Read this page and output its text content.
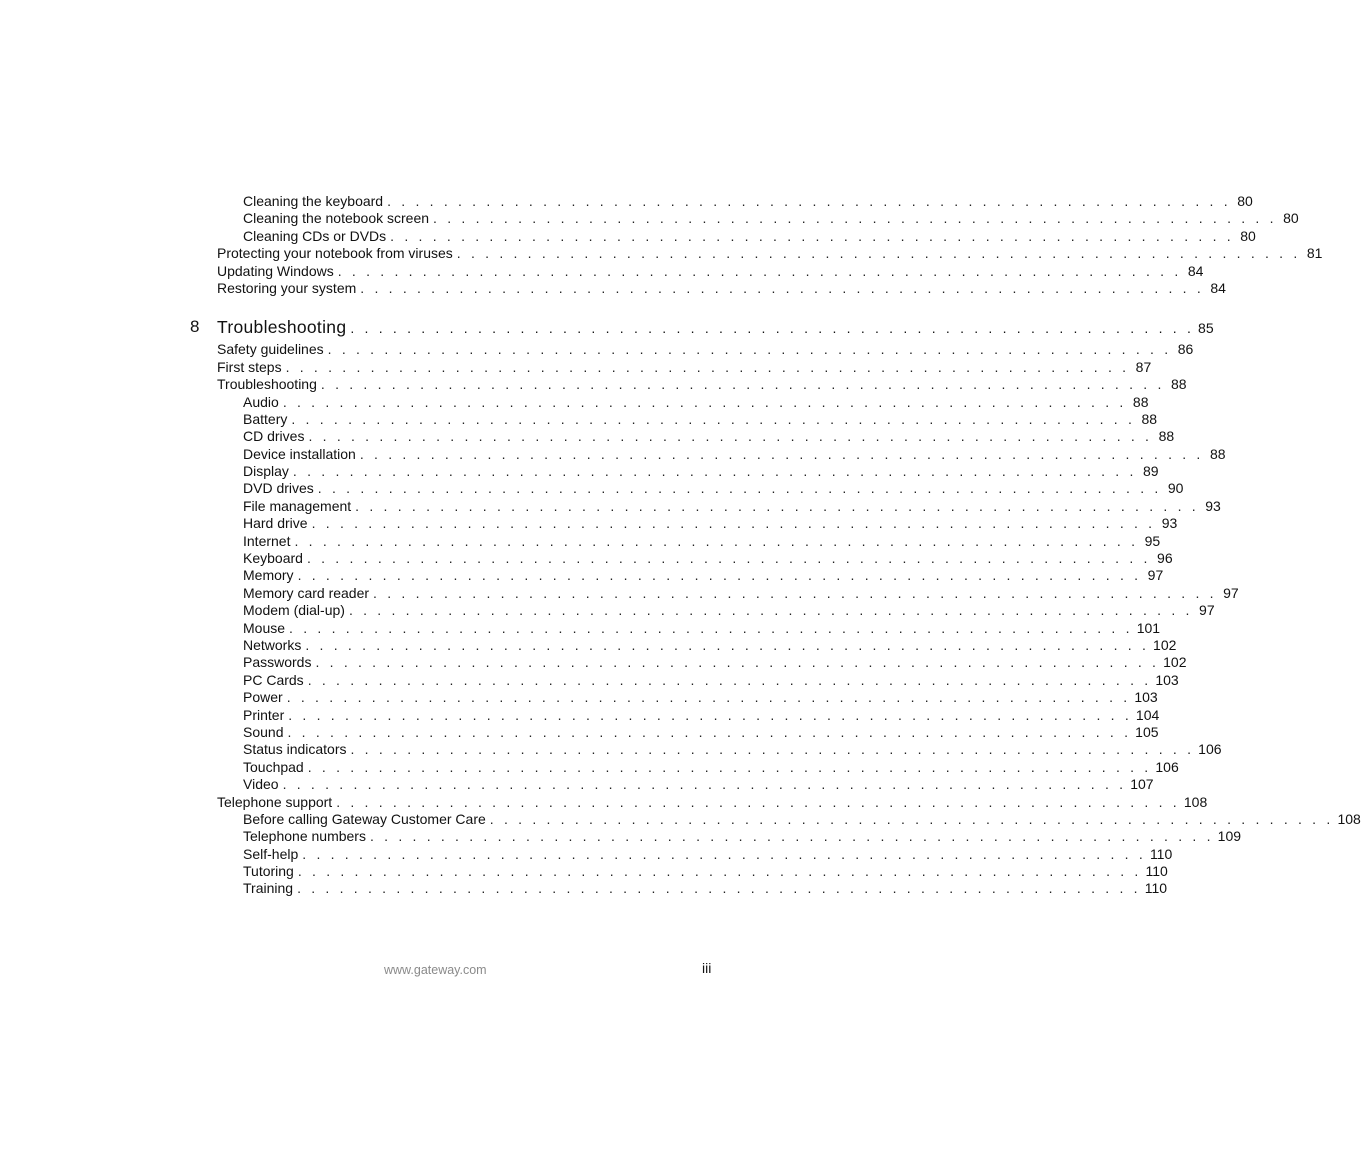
Cleaning the keyboard . . . . . . . . . . . . . . . . . . . . . . . . . . . . . . . . . . . . . . . . . . . . . . . . . . . . . . . . . . . . 80
Cleaning the notebook screen . . . . . . . . . . . . . . . . . . . . . . . . . . . . . . . . . . . . . . . . . . . . . . . . . . . . . . . . . . . . 80
Cleaning CDs or DVDs . . . . . . . . . . . . . . . . . . . . . . . . . . . . . . . . . . . . . . . . . . . . . . . . . . . . . . . . . . . . 80
Protecting your notebook from viruses . . . . . . . . . . . . . . . . . . . . . . . . . . . . . . . . . . . . . . . . . . . . . . . . . . . . . . . . . . . . 81
Updating Windows . . . . . . . . . . . . . . . . . . . . . . . . . . . . . . . . . . . . . . . . . . . . . . . . . . . . . . . . . . . . 84
Restoring your system . . . . . . . . . . . . . . . . . . . . . . . . . . . . . . . . . . . . . . . . . . . . . . . . . . . . . . . . . . . . 84
8 Troubleshooting . . . . . . . . . . . . . . . . . . . . . . . . . . . . . . . . . . . . . . . . . . . . . . . . . . . . . . . . . . . . 85
Safety guidelines . . . . . . . . . . . . . . . . . . . . . . . . . . . . . . . . . . . . . . . . . . . . . . . . . . . . . . . . . . . . 86
First steps . . . . . . . . . . . . . . . . . . . . . . . . . . . . . . . . . . . . . . . . . . . . . . . . . . . . . . . . . . . . 87
Troubleshooting . . . . . . . . . . . . . . . . . . . . . . . . . . . . . . . . . . . . . . . . . . . . . . . . . . . . . . . . . . . . 88
Audio . . . . . . . . . . . . . . . . . . . . . . . . . . . . . . . . . . . . . . . . . . . . . . . . . . . . . . . . . . . . 88
Battery . . . . . . . . . . . . . . . . . . . . . . . . . . . . . . . . . . . . . . . . . . . . . . . . . . . . . . . . . . . . 88
CD drives . . . . . . . . . . . . . . . . . . . . . . . . . . . . . . . . . . . . . . . . . . . . . . . . . . . . . . . . . . . . 88
Device installation . . . . . . . . . . . . . . . . . . . . . . . . . . . . . . . . . . . . . . . . . . . . . . . . . . . . . . . . . . . . 88
Display . . . . . . . . . . . . . . . . . . . . . . . . . . . . . . . . . . . . . . . . . . . . . . . . . . . . . . . . . . . . 89
DVD drives . . . . . . . . . . . . . . . . . . . . . . . . . . . . . . . . . . . . . . . . . . . . . . . . . . . . . . . . . . . . 90
File management . . . . . . . . . . . . . . . . . . . . . . . . . . . . . . . . . . . . . . . . . . . . . . . . . . . . . . . . . . . . 93
Hard drive . . . . . . . . . . . . . . . . . . . . . . . . . . . . . . . . . . . . . . . . . . . . . . . . . . . . . . . . . . . . 93
Internet . . . . . . . . . . . . . . . . . . . . . . . . . . . . . . . . . . . . . . . . . . . . . . . . . . . . . . . . . . . . 95
Keyboard . . . . . . . . . . . . . . . . . . . . . . . . . . . . . . . . . . . . . . . . . . . . . . . . . . . . . . . . . . . . 96
Memory . . . . . . . . . . . . . . . . . . . . . . . . . . . . . . . . . . . . . . . . . . . . . . . . . . . . . . . . . . . . 97
Memory card reader . . . . . . . . . . . . . . . . . . . . . . . . . . . . . . . . . . . . . . . . . . . . . . . . . . . . . . . . . . . . 97
Modem (dial-up) . . . . . . . . . . . . . . . . . . . . . . . . . . . . . . . . . . . . . . . . . . . . . . . . . . . . . . . . . . . . 97
Mouse . . . . . . . . . . . . . . . . . . . . . . . . . . . . . . . . . . . . . . . . . . . . . . . . . . . . . . . . . . . . 101
Networks . . . . . . . . . . . . . . . . . . . . . . . . . . . . . . . . . . . . . . . . . . . . . . . . . . . . . . . . . . . . 102
Passwords . . . . . . . . . . . . . . . . . . . . . . . . . . . . . . . . . . . . . . . . . . . . . . . . . . . . . . . . . . . . 102
PC Cards . . . . . . . . . . . . . . . . . . . . . . . . . . . . . . . . . . . . . . . . . . . . . . . . . . . . . . . . . . . . 103
Power . . . . . . . . . . . . . . . . . . . . . . . . . . . . . . . . . . . . . . . . . . . . . . . . . . . . . . . . . . . . 103
Printer . . . . . . . . . . . . . . . . . . . . . . . . . . . . . . . . . . . . . . . . . . . . . . . . . . . . . . . . . . . . 104
Sound . . . . . . . . . . . . . . . . . . . . . . . . . . . . . . . . . . . . . . . . . . . . . . . . . . . . . . . . . . . . 105
Status indicators . . . . . . . . . . . . . . . . . . . . . . . . . . . . . . . . . . . . . . . . . . . . . . . . . . . . . . . . . . . . 106
Touchpad . . . . . . . . . . . . . . . . . . . . . . . . . . . . . . . . . . . . . . . . . . . . . . . . . . . . . . . . . . . . 106
Video . . . . . . . . . . . . . . . . . . . . . . . . . . . . . . . . . . . . . . . . . . . . . . . . . . . . . . . . . . . . 107
Telephone support . . . . . . . . . . . . . . . . . . . . . . . . . . . . . . . . . . . . . . . . . . . . . . . . . . . . . . . . . . . . 108
Before calling Gateway Customer Care . . . . . . . . . . . . . . . . . . . . . . . . . . . . . . . . . . . . . . . . . . . . . . . . . . . . . . . . . . . . 108
Telephone numbers . . . . . . . . . . . . . . . . . . . . . . . . . . . . . . . . . . . . . . . . . . . . . . . . . . . . . . . . . . . . 109
Self-help . . . . . . . . . . . . . . . . . . . . . . . . . . . . . . . . . . . . . . . . . . . . . . . . . . . . . . . . . . . . 110
Tutoring . . . . . . . . . . . . . . . . . . . . . . . . . . . . . . . . . . . . . . . . . . . . . . . . . . . . . . . . . . . . 110
Training . . . . . . . . . . . . . . . . . . . . . . . . . . . . . . . . . . . . . . . . . . . . . . . . . . . . . . . . . . . . 110
www.gateway.com	iii
